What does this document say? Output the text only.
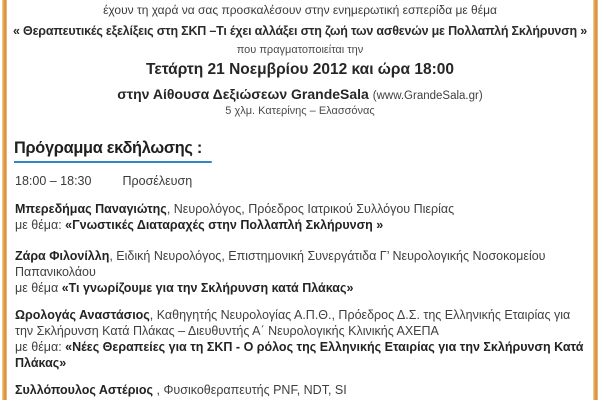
έχουν τη χαρά να σας προσκαλέσουν στην ενημερωτική εσπερίδα με θέμα
« Θεραπευτικές εξελίξεις στη ΣΚΠ –Τι έχει αλλάξει στη ζωή των ασθενών με Πολλαπλή Σκλήρυνση »
που πραγματοποιείται την
Τετάρτη 21 Νοεμβρίου 2012 και ώρα 18:00
στην Αίθουσα Δεξιώσεων GrandeSala (www.GrandeSala.gr)
5 χλμ. Κατερίνης – Ελασσόνας
Πρόγραμμα εκδήλωσης :
18:00 – 18:30 Προσέλευση
Μπερεδήμας Παναγιώτης, Νευρολόγος, Πρόεδρος Ιατρικού Συλλόγου Πιερίας
με θέμα: «Γνωστικές Διαταραχές στην Πολλαπλή Σκλήρυνση »
Ζάρα Φιλονίλλη, Ειδική Νευρολόγος, Επιστημονική Συνεργάτιδα Γ’ Νευρολογικής Νοσοκομείου Παπανικολάου
με θέμα «Τι γνωρίζουμε για την Σκλήρυνση κατά Πλάκας»
Ωρολογάς Αναστάσιος, Καθηγητής Νευρολογίας Α.Π.Θ., Πρόεδρος Δ.Σ. της Ελληνικής Εταιρίας για την Σκλήρυνση Κατά Πλάκας – Διευθυντής Α΄ Νευρολογικής Κλινικής ΑΧΕΠΑ
με θέμα: «Νέες Θεραπείες για τη ΣΚΠ - Ο ρόλος της Ελληνικής Εταιρίας για την Σκλήρυνση Κατά Πλάκας»
Συλλόπουλος Αστέριος , Φυσικοθεραπευτής PNF, NDT, SI
